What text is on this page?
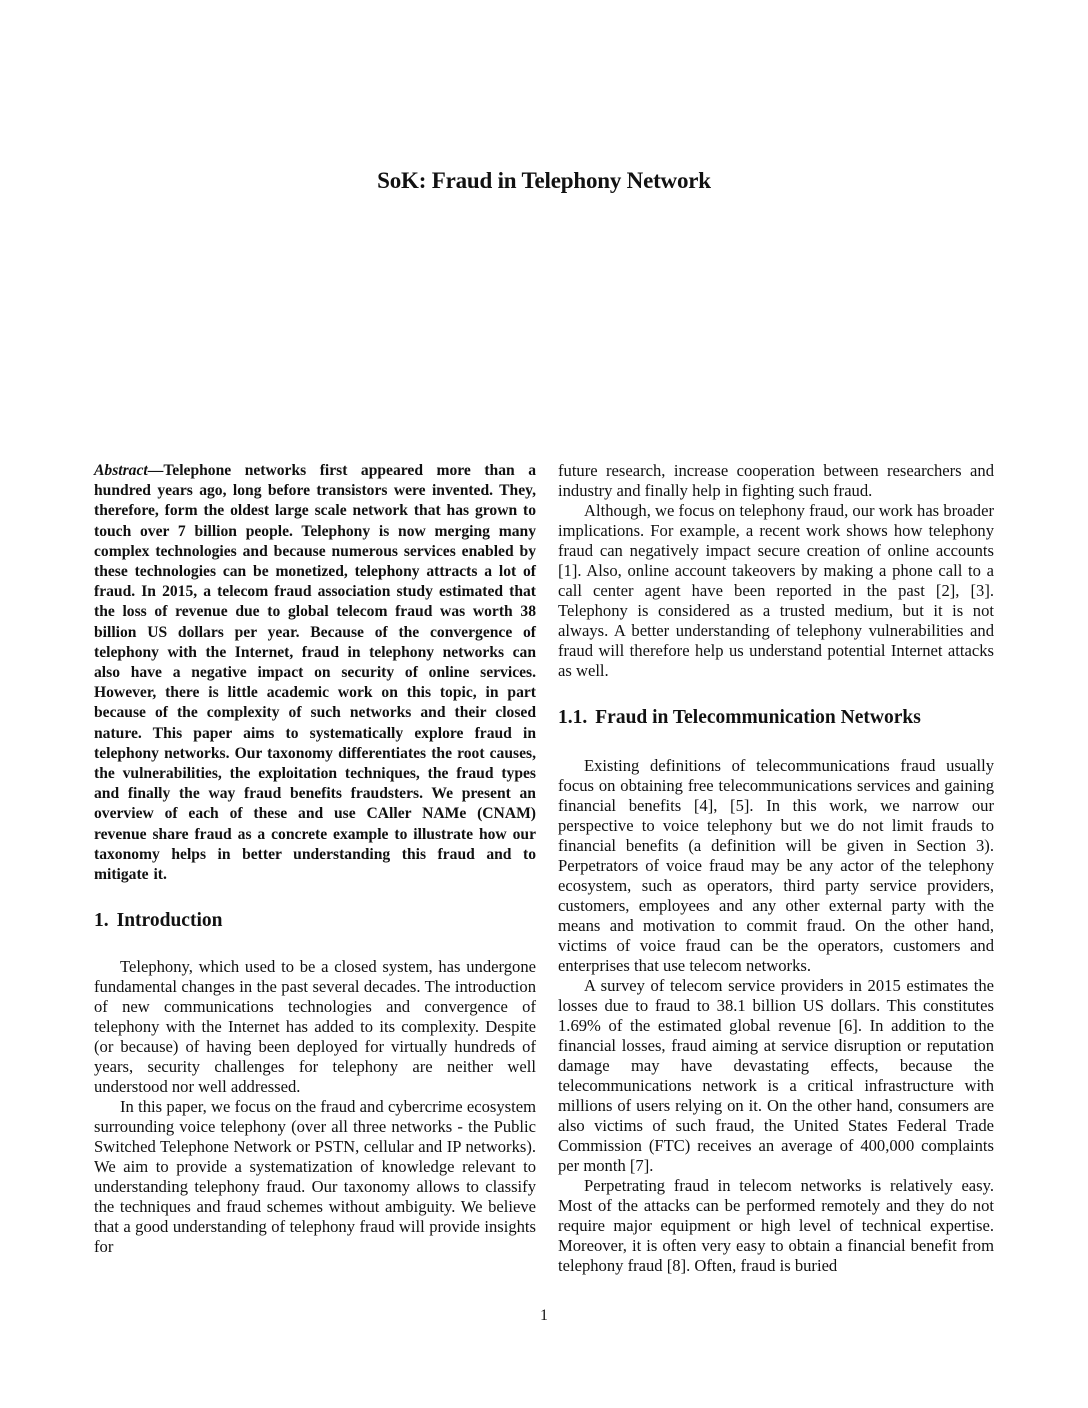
SoK: Fraud in Telephony Network

Abstract—Telephone networks first appeared more than a hundred years ago, long before transistors were invented. They, therefore, form the oldest large scale network that has grown to touch over 7 billion people. Telephony is now merging many complex technologies and because numerous services enabled by these technologies can be monetized, telephony attracts a lot of fraud. In 2015, a telecom fraud association study estimated that the loss of revenue due to global telecom fraud was worth 38 billion US dollars per year. Because of the convergence of telephony with the Internet, fraud in telephony networks can also have a negative impact on security of online services. However, there is little academic work on this topic, in part because of the complexity of such networks and their closed nature. This paper aims to systematically explore fraud in telephony networks. Our taxonomy differentiates the root causes, the vulnerabilities, the exploitation techniques, the fraud types and finally the way fraud benefits fraudsters. We present an overview of each of these and use CAller NAMe (CNAM) revenue share fraud as a concrete example to illustrate how our taxonomy helps in better understanding this fraud and to mitigate it.

1. Introduction

Telephony, which used to be a closed system, has undergone fundamental changes in the past several decades. The introduction of new communications technologies and convergence of telephony with the Internet has added to its complexity. Despite (or because) of having been deployed for virtually hundreds of years, security challenges for telephony are neither well understood nor well addressed.

In this paper, we focus on the fraud and cybercrime ecosystem surrounding voice telephony (over all three networks - the Public Switched Telephone Network or PSTN, cellular and IP networks). We aim to provide a systematization of knowledge relevant to understanding telephony fraud. Our taxonomy allows to classify the techniques and fraud schemes without ambiguity. We believe that a good understanding of telephony fraud will provide insights for

future research, increase cooperation between researchers and industry and finally help in fighting such fraud.

Although, we focus on telephony fraud, our work has broader implications. For example, a recent work shows how telephony fraud can negatively impact secure creation of online accounts [1]. Also, online account takeovers by making a phone call to a call center agent have been reported in the past [2], [3]. Telephony is considered as a trusted medium, but it is not always. A better understanding of telephony vulnerabilities and fraud will therefore help us understand potential Internet attacks as well.

1.1. Fraud in Telecommunication Networks

Existing definitions of telecommunications fraud usually focus on obtaining free telecommunications services and gaining financial benefits [4], [5]. In this work, we narrow our perspective to voice telephony but we do not limit frauds to financial benefits (a definition will be given in Section 3). Perpetrators of voice fraud may be any actor of the telephony ecosystem, such as operators, third party service providers, customers, employees and any other external party with the means and motivation to commit fraud. On the other hand, victims of voice fraud can be the operators, customers and enterprises that use telecom networks.

A survey of telecom service providers in 2015 estimates the losses due to fraud to 38.1 billion US dollars. This constitutes 1.69% of the estimated global revenue [6]. In addition to the financial losses, fraud aiming at service disruption or reputation damage may have devastating effects, because the telecommunications network is a critical infrastructure with millions of users relying on it. On the other hand, consumers are also victims of such fraud, the United States Federal Trade Commission (FTC) receives an average of 400,000 complaints per month [7].

Perpetrating fraud in telecom networks is relatively easy. Most of the attacks can be performed remotely and they do not require major equipment or high level of technical expertise. Moreover, it is often very easy to obtain a financial benefit from telephony fraud [8]. Often, fraud is buried

1
